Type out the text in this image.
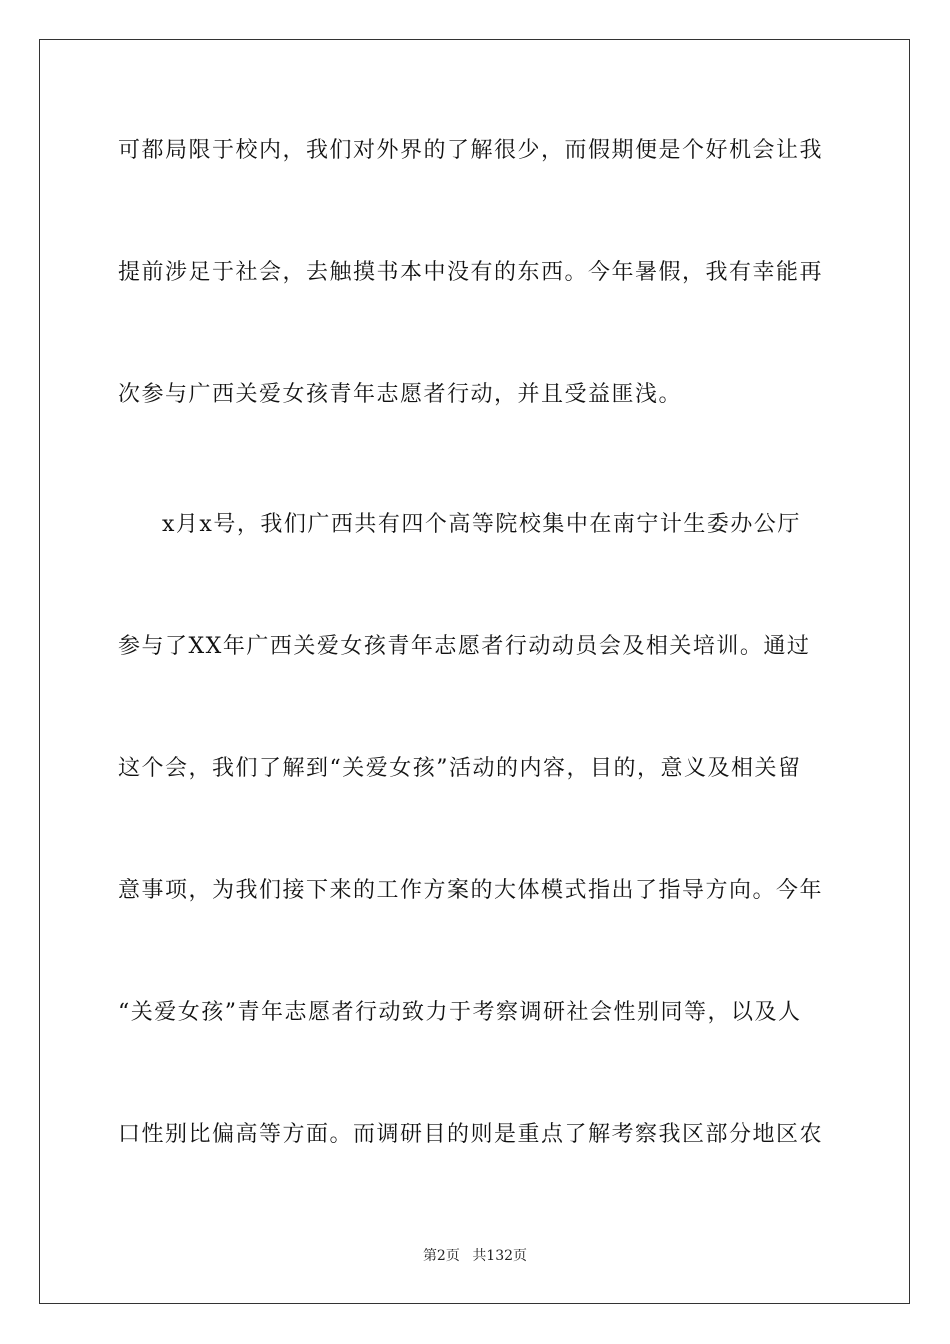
可都局限于校内，我们对外界的了解很少，而假期便是个好机会让我
提前涉足于社会，去触摸书本中没有的东西。今年暑假，我有幸能再
次参与广西关爱女孩青年志愿者行动，并且受益匪浅。
x月x号，我们广西共有四个高等院校集中在南宁计生委办公厅
参与了XX年广西关爱女孩青年志愿者行动动员会及相关培训。通过
这个会，我们了解到“关爱女孩”活动的内容，目的，意义及相关留
意事项，为我们接下来的工作方案的大体模式指出了指导方向。今年
“关爱女孩”青年志愿者行动致力于考察调研社会性别同等，以及人
口性别比偏高等方面。而调研目的则是重点了解考察我区部分地区农
第2页 共132页
